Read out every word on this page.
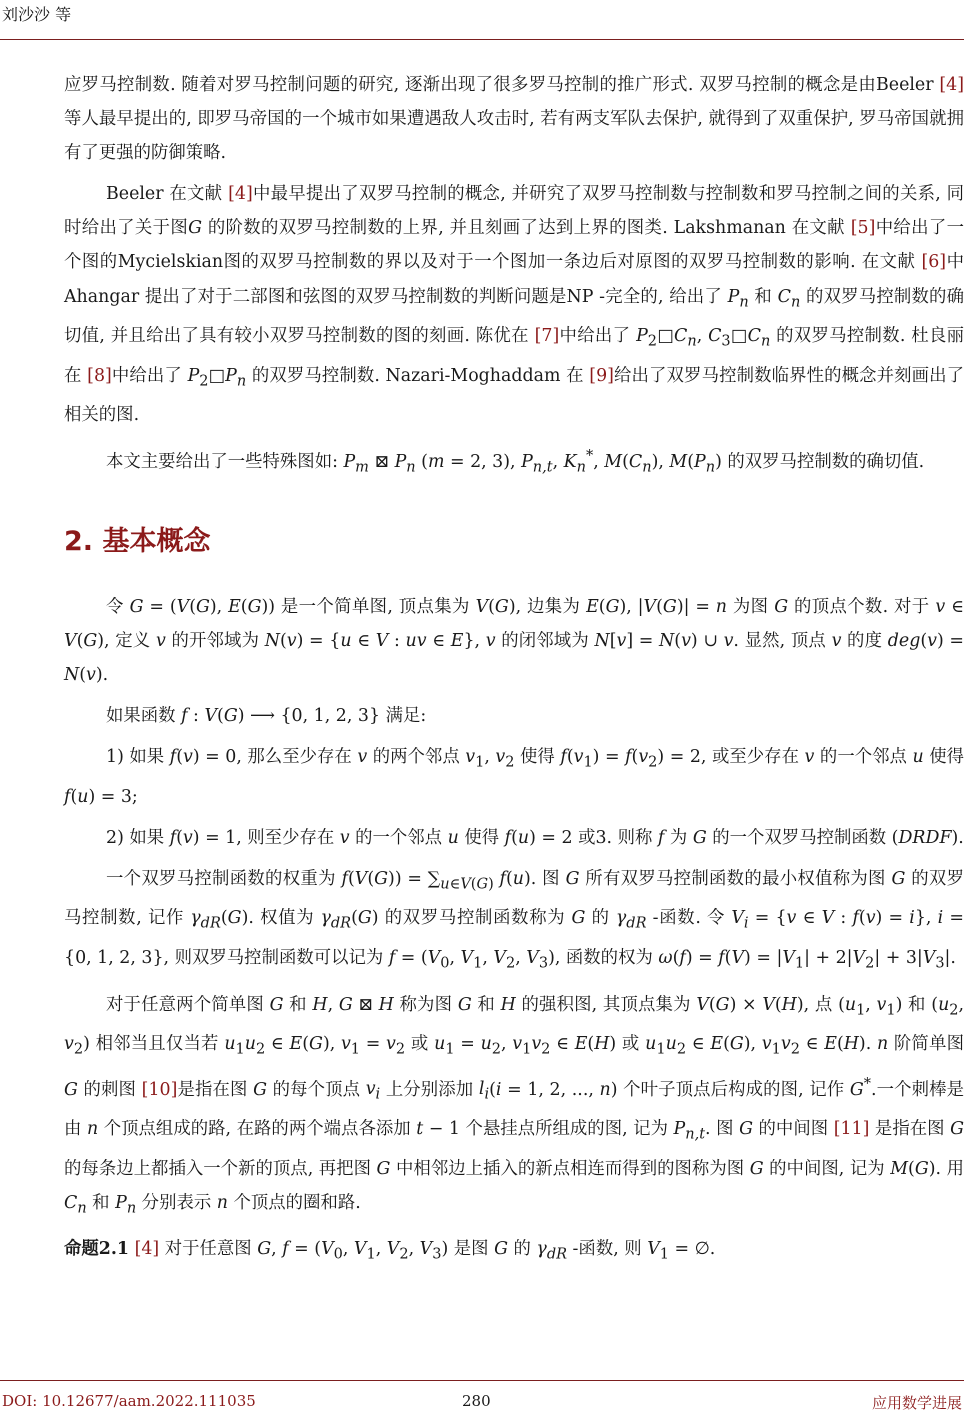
刘沙沙 等

应罗马控制数. 随着对罗马控制问题的研究, 逐渐出现了很多罗马控制的推广形式. 双罗马控制的概念是由Beeler [4]等人最早提出的, 即罗马帝国的一个城市如果遭遇敌人攻击时, 若有两支军队去保护, 就得到了双重保护, 罗马帝国就拥有了更强的防御策略.

Beeler 在文献 [4]中最早提出了双罗马控制的概念, 并研究了双罗马控制数与控制数和罗马控制之间的关系, 同时给出了关于图G 的阶数的双罗马控制数的上界, 并且刻画了达到上界的图类. Lakshmanan 在文献 [5]中给出了一个图的Mycielskian图的双罗马控制数的界以及对于一个图加一条边后对原图的双罗马控制数的影响. 在文献 [6]中Ahangar 提出了对于二部图和弦图的双罗马控制数的判断问题是NP -完全的, 给出了 $P_n$ 和 $C_n$ 的双罗马控制数的确切值, 并且给出了具有较小双罗马控制数的图的刻画. 陈优在 [7]中给出了 $P_2□C_n$, $C_3□C_n$ 的双罗马控制数. 杜良丽在 [8]中给出了 $P_2□P_n$ 的双罗马控制数. Nazari-Moghaddam 在 [9]给出了双罗马控制数临界性的概念并刻画出了相关的图.

本文主要给出了一些特殊图如: $P_m$ ⊠ $P_n$ (m = 2, 3), $P_{n,t}$, $K_n^*$, $M(C_n)$, $M(P_n)$ 的双罗马控制数的确切值.

2. 基本概念

令 G = (V(G), E(G)) 是一个简单图, 顶点集为 V(G), 边集为 E(G), |V(G)| = n 为图 G 的顶点个数. 对于 v ∈ V(G), 定义 v 的开邻域为 N(v) = {u ∈ V : uv ∈ E}, v 的闭邻域为 N[v] = N(v) ∪ v. 显然, 顶点 v 的度 deg(v) = N(v).

如果函数 f : V(G) ⟶ {0, 1, 2, 3} 满足:

1) 如果 f(v) = 0, 那么至少存在 v 的两个邻点 $v_1$, $v_2$ 使得 $f(v_1) = f(v_2) = 2$, 或至少存在 v 的一个邻点 u 使得 f(u) = 3;

2) 如果 f(v) = 1, 则至少存在 v 的一个邻点 u 使得 f(u) = 2 或3. 则称 f 为 G 的一个双罗马控制函数 (DRDF).

一个双罗马控制函数的权重为 $f(V(G)) = \sum_{u\in V(G)}$ f(u). 图 G 所有双罗马控制函数的最小权值称为图 G 的双罗马控制数, 记作 $\gamma_{dR}(G)$. 权值为 $\gamma_{dR}(G)$ 的双罗马控制函数称为 G 的 $\gamma_{dR}$ -函数. 令 $V_i = \{v$ ∈ V : f(v) = i}, i = {0, 1, 2, 3}, 则双罗马控制函数可以记为 $f = (V_0$, $V_1$, $V_2$, $V_3$), 函数的权为 $\omega(f) = f(V) = |V_1| + 2|V_2| + 3|V_3|$.

对于任意两个简单图 G 和 H, G ⊠ H 称为图 G 和 H 的强积图, 其顶点集为 V(G) × V(H), 点 ($u_1$, $v_1$) 和 ($u_2$, $v_2$) 相邻当且仅当若 $u_1u_2$ ∈ E(G), $v_1 = v_2$ 或 $u_1 = u_2$, $v_1v_2$ ∈ E(H) 或 $u_1u_2$ ∈ E(G), $v_1v_2$ ∈ E(H). n 阶简单图 G 的刺图 [10]是指在图 G 的每个顶点 $v_i$ 上分别添加 $l_i(i = 1$, 2, ..., n) 个叶子顶点后构成的图, 记作 G*.一个刺棒是由 n 个顶点组成的路, 在路的两个端点各添加 t − 1 个悬挂点所组成的图, 记为 $P_{n,t}$. 图 G 的中间图 [11] 是指在图 G 的每条边上都插入一个新的顶点, 再把图 G 中相邻边上插入的新点相连而得到的图称为图 G 的中间图, 记为 M(G). 用 $C_n$ 和 $P_n$ 分别表示 n 个顶点的圈和路.

命题2.1 [4] 对于任意图 G, $f = (V_0$, $V_1$, $V_2$, $V_3$) 是图 G 的 $\gamma_{dR}$ -函数, 则 $V_1$ = ∅.

DOI: 10.12677/aam.2022.111035	280	应用数学进展
